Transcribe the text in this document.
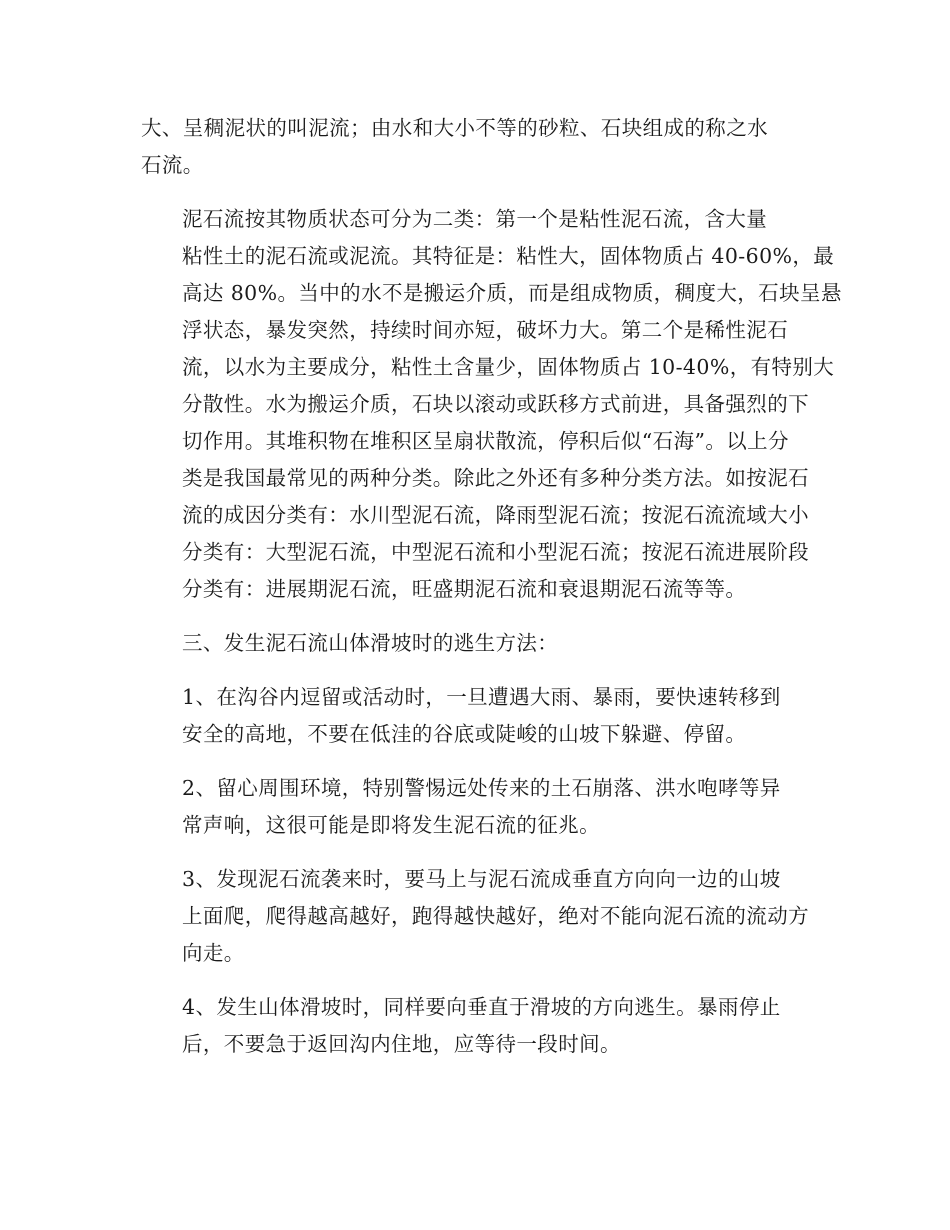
大、呈稠泥状的叫泥流；由水和大小不等的砂粒、石块组成的称之水
石流。

泥石流按其物质状态可分为二类：第一个是粘性泥石流，含大量
粘性土的泥石流或泥流。其特征是：粘性大，固体物质占 40-60%，最
高达 80%。当中的水不是搬运介质，而是组成物质，稠度大，石块呈悬
浮状态，暴发突然，持续时间亦短，破坏力大。第二个是稀性泥石
流，以水为主要成分，粘性土含量少，固体物质占 10-40%，有特别大
分散性。水为搬运介质，石块以滚动或跃移方式前进，具备强烈的下
切作用。其堆积物在堆积区呈扇状散流，停积后似“石海”。以上分
类是我国最常见的两种分类。除此之外还有多种分类方法。如按泥石
流的成因分类有：水川型泥石流，降雨型泥石流；按泥石流流域大小
分类有：大型泥石流，中型泥石流和小型泥石流；按泥石流进展阶段
分类有：进展期泥石流，旺盛期泥石流和衰退期泥石流等等。

三、发生泥石流山体滑坡时的逃生方法：

1、在沟谷内逗留或活动时，一旦遭遇大雨、暴雨，要快速转移到
安全的高地，不要在低洼的谷底或陡峻的山坡下躲避、停留。

2、留心周围环境，特别警惕远处传来的土石崩落、洪水咆哮等异
常声响，这很可能是即将发生泥石流的征兆。

3、发现泥石流袭来时，要马上与泥石流成垂直方向向一边的山坡
上面爬，爬得越高越好，跑得越快越好，绝对不能向泥石流的流动方
向走。

4、发生山体滑坡时，同样要向垂直于滑坡的方向逃生。暴雨停止
后，不要急于返回沟内住地，应等待一段时间。
